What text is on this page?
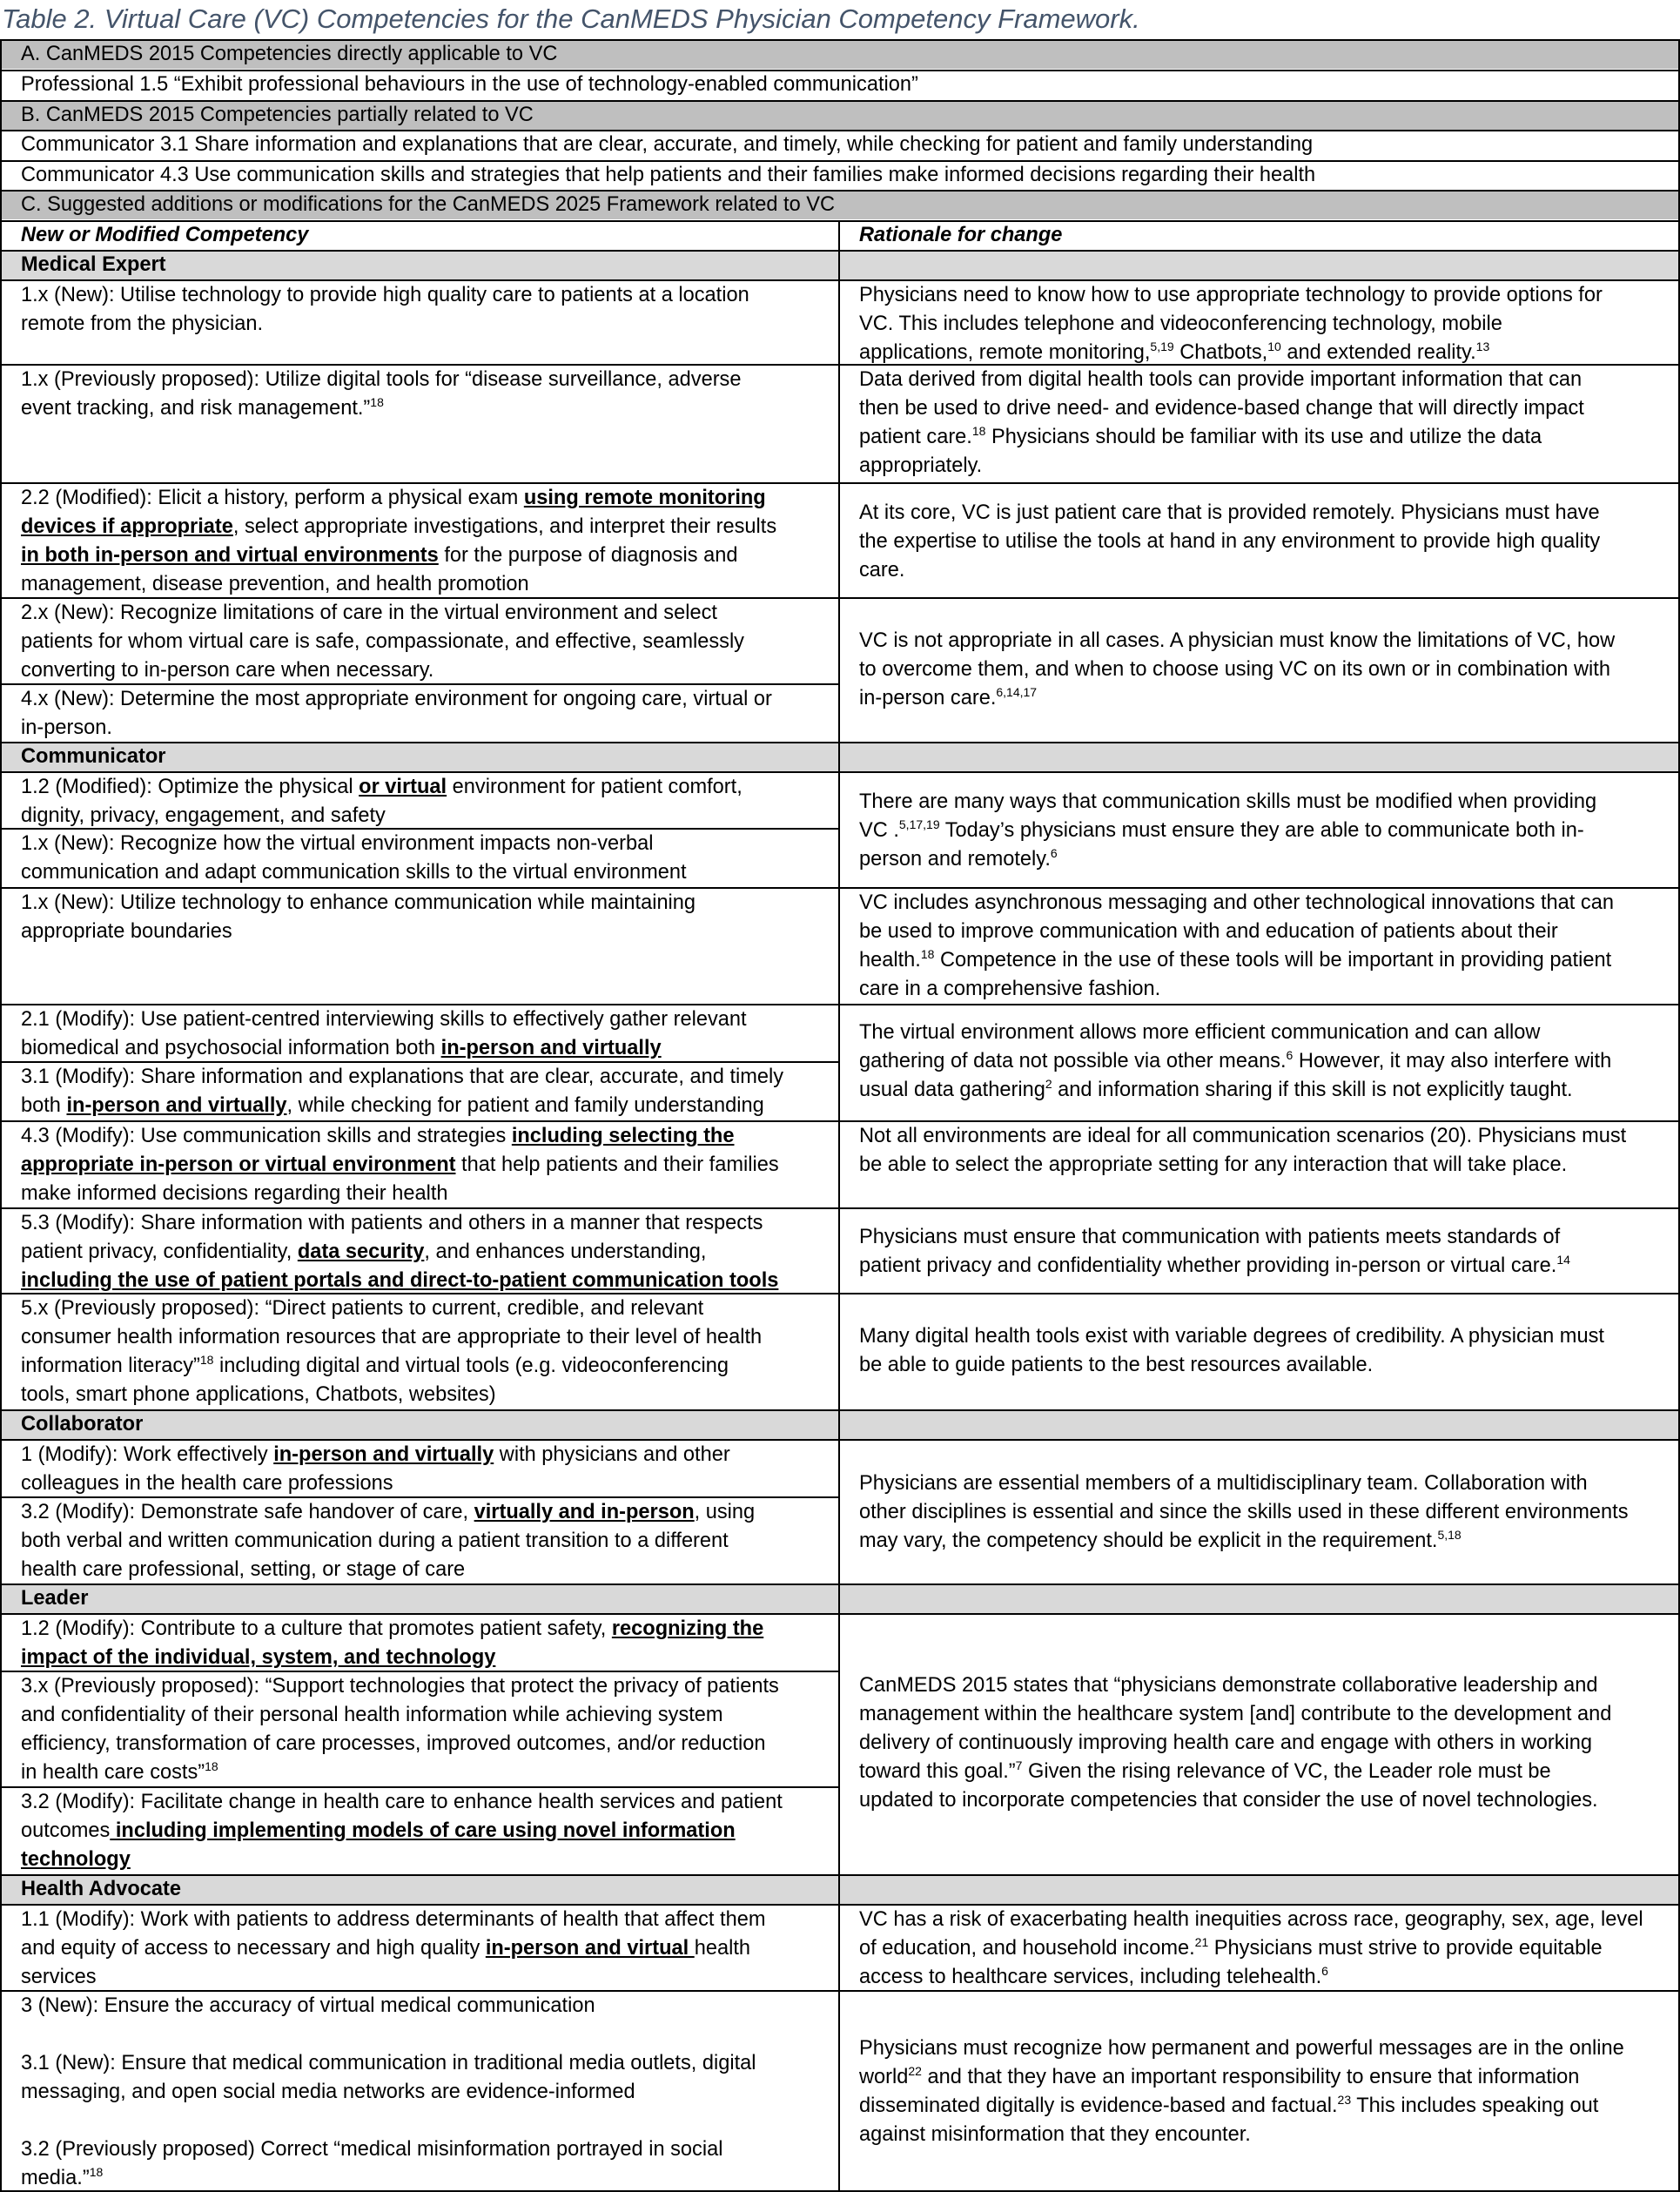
Table 2. Virtual Care (VC) Competencies for the CanMEDS Physician Competency Framework.
A. CanMEDS 2015 Competencies directly applicable to VC
Professional 1.5 “Exhibit professional behaviours in the use of technology-enabled communication”
B. CanMEDS 2015 Competencies partially related to VC
Communicator 3.1 Share information and explanations that are clear, accurate, and timely, while checking for patient and family understanding
Communicator 4.3 Use communication skills and strategies that help patients and their families make informed decisions regarding their health
C. Suggested additions or modifications for the CanMEDS 2025 Framework related to VC
New or Modified Competency	Rationale for change
Medical Expert
1.x (New): Utilise technology to provide high quality care to patients at a location
remote from the physician.
Physicians need to know how to use appropriate technology to provide options for
VC. This includes telephone and videoconferencing technology, mobile
applications, remote monitoring,$^{5,19}$ Chatbots,$^{10}$ and extended reality.$^{13}$
1.x (Previously proposed): Utilize digital tools for “disease surveillance, adverse
event tracking, and risk management.”$^{18}$
Data derived from digital health tools can provide important information that can
then be used to drive need- and evidence-based change that will directly impact
patient care.$^{18}$ Physicians should be familiar with its use and utilize the data
appropriately.
2.2 (Modified): Elicit a history, perform a physical exam using remote monitoring
devices if appropriate, select appropriate investigations, and interpret their results
in both in-person and virtual environments for the purpose of diagnosis and
management, disease prevention, and health promotion
At its core, VC is just patient care that is provided remotely. Physicians must have
the expertise to utilise the tools at hand in any environment to provide high quality
care.
2.x (New): Recognize limitations of care in the virtual environment and select
patients for whom virtual care is safe, compassionate, and effective, seamlessly
converting to in-person care when necessary.
4.x (New): Determine the most appropriate environment for ongoing care, virtual or
in-person.
VC is not appropriate in all cases. A physician must know the limitations of VC, how
to overcome them, and when to choose using VC on its own or in combination with
in-person care.$^{6,14,17}$
Communicator
1.2 (Modified): Optimize the physical or virtual environment for patient comfort,
dignity, privacy, engagement, and safety
1.x (New): Recognize how the virtual environment impacts non-verbal
communication and adapt communication skills to the virtual environment
There are many ways that communication skills must be modified when providing
VC .$^{5,17,19}$ Today’s physicians must ensure they are able to communicate both in-
person and remotely.$^6$
1.x (New): Utilize technology to enhance communication while maintaining
appropriate boundaries
VC includes asynchronous messaging and other technological innovations that can
be used to improve communication with and education of patients about their
health.$^{18}$ Competence in the use of these tools will be important in providing patient
care in a comprehensive fashion.
2.1 (Modify): Use patient-centred interviewing skills to effectively gather relevant
biomedical and psychosocial information both in-person and virtually
3.1 (Modify): Share information and explanations that are clear, accurate, and timely
both in-person and virtually, while checking for patient and family understanding
The virtual environment allows more efficient communication and can allow
gathering of data not possible via other means.$^6$ However, it may also interfere with
usual data gathering$^2$ and information sharing if this skill is not explicitly taught.
4.3 (Modify): Use communication skills and strategies including selecting the
appropriate in-person or virtual environment that help patients and their families
make informed decisions regarding their health
Not all environments are ideal for all communication scenarios (20). Physicians must
be able to select the appropriate setting for any interaction that will take place.
5.3 (Modify): Share information with patients and others in a manner that respects
patient privacy, confidentiality, data security, and enhances understanding,
including the use of patient portals and direct-to-patient communication tools
Physicians must ensure that communication with patients meets standards of
patient privacy and confidentiality whether providing in-person or virtual care.$^{14}$
5.x (Previously proposed): “Direct patients to current, credible, and relevant
consumer health information resources that are appropriate to their level of health
information literacy”$^{18}$ including digital and virtual tools (e.g. videoconferencing
tools, smart phone applications, Chatbots, websites)
Many digital health tools exist with variable degrees of credibility. A physician must
be able to guide patients to the best resources available.
Collaborator
1 (Modify): Work effectively in-person and virtually with physicians and other
colleagues in the health care professions
3.2 (Modify): Demonstrate safe handover of care, virtually and in-person, using
both verbal and written communication during a patient transition to a different
health care professional, setting, or stage of care
Physicians are essential members of a multidisciplinary team. Collaboration with
other disciplines is essential and since the skills used in these different environments
may vary, the competency should be explicit in the requirement.$^{5,18}$
Leader
1.2 (Modify): Contribute to a culture that promotes patient safety, recognizing the
impact of the individual, system, and technology
3.x (Previously proposed): “Support technologies that protect the privacy of patients
and confidentiality of their personal health information while achieving system
efficiency, transformation of care processes, improved outcomes, and/or reduction
in health care costs”$^{18}$
3.2 (Modify): Facilitate change in health care to enhance health services and patient
outcomes including implementing models of care using novel information
technology
CanMEDS 2015 states that “physicians demonstrate collaborative leadership and
management within the healthcare system [and] contribute to the development and
delivery of continuously improving health care and engage with others in working
toward this goal.”$^7$ Given the rising relevance of VC, the Leader role must be
updated to incorporate competencies that consider the use of novel technologies.
Health Advocate
1.1 (Modify): Work with patients to address determinants of health that affect them
and equity of access to necessary and high quality in-person and virtual health
services
VC has a risk of exacerbating health inequities across race, geography, sex, age, level
of education, and household income.$^{21}$ Physicians must strive to provide equitable
access to healthcare services, including telehealth.$^6$
3 (New): Ensure the accuracy of virtual medical communication
3.1 (New): Ensure that medical communication in traditional media outlets, digital
messaging, and open social media networks are evidence-informed
3.2 (Previously proposed) Correct “medical misinformation portrayed in social
media.”$^{18}$
Physicians must recognize how permanent and powerful messages are in the online
world$^{22}$ and that they have an important responsibility to ensure that information
disseminated digitally is evidence-based and factual.$^{23}$ This includes speaking out
against misinformation that they encounter.
